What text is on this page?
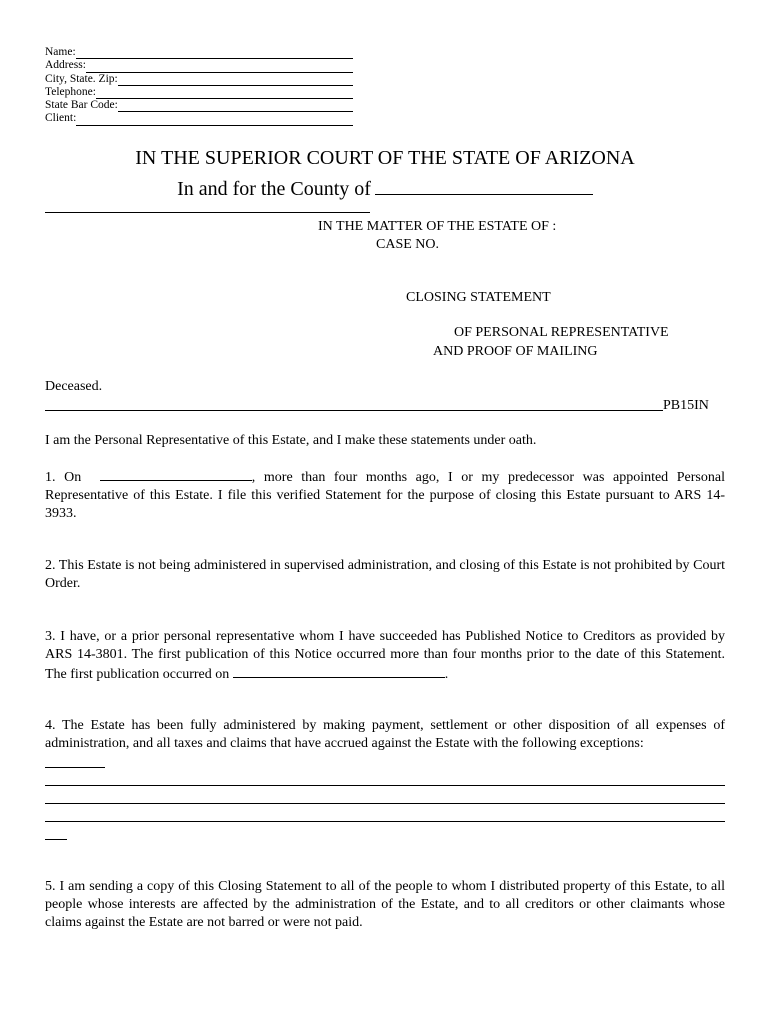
Name:
Address:
City, State. Zip:
Telephone:
State Bar Code:
Client:
IN THE SUPERIOR COURT OF THE STATE OF ARIZONA
In and for the County of
IN THE MATTER OF THE ESTATE OF :
CASE NO.
CLOSING STATEMENT
OF PERSONAL REPRESENTATIVE
AND PROOF OF MAILING
Deceased.
PB15IN
I am the Personal Representative of this Estate, and I make these statements under oath.
1. On	, more than four months ago, I or my predecessor was appointed Personal Representative of this Estate. I file this verified Statement for the purpose of closing this Estate pursuant to ARS 14-3933.
2. This Estate is not being administered in supervised administration, and closing of this Estate is not prohibited by Court Order.
3. I have, or a prior personal representative whom I have succeeded has Published Notice to Creditors as provided by ARS 14-3801. The first publication of this Notice occurred more than four months prior to the date of this Statement. The first publication occurred on	.
4. The Estate has been fully administered by making payment, settlement or other disposition of all expenses of administration, and all taxes and claims that have accrued against the Estate with the following exceptions:
5. I am sending a copy of this Closing Statement to all of the people to whom I distributed property of this Estate, to all people whose interests are affected by the administration of the Estate, and to all creditors or other claimants whose claims against the Estate are not barred or were not paid.
